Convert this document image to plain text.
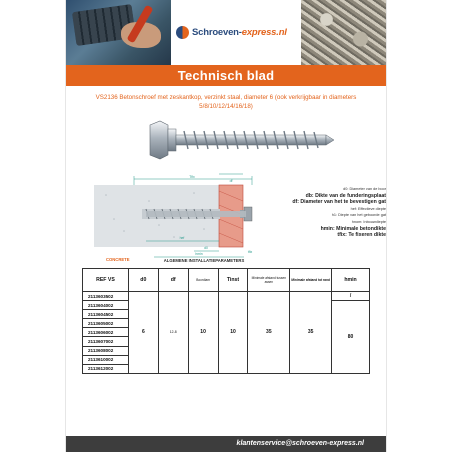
Schroeven- express.nl
Technisch blad
VS2136 Betonschroef met zeskantkop, verzinkt staal, diameter 6 (ook verkrijgbaar in diameters 5/8/10/12/14/16/18)
Tfix
df
hef
d0
tfix
hmin
CONCRETE	ALGEMENE INSTALLATIEPARAMETERS
d0: Diameter van de boor
db: Dikte van de funderingsplaat
df: Diameter van het te bevestigen gat
hef: Effectieve diepte
h1: Diepte van het geboorde gat
hnom: Inbouwdiepte
hmin: Minimale betondikte
tfix: Te fixeren dikte
REF VS	d0	df	Boordiam	Tinst	Minimale afstand tussen assen	Minimale afstand tot rand	hmin
2113603502	6	12-8	10	10	35	35	/
2113604002							80
2113604502							
2113605002							
2113606002							
2113607002							
2113608002							
2113610002							
2113612002							
klantenservice@schroeven-express.nl
